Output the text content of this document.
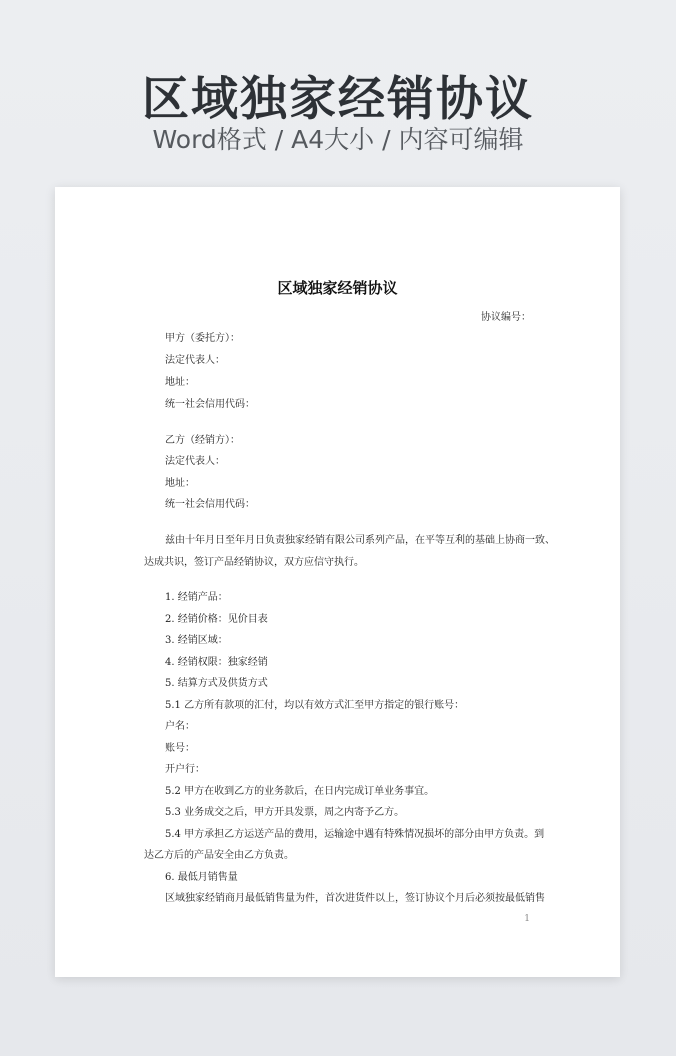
区域独家经销协议
Word格式 / A4大小 / 内容可编辑
区域独家经销协议
协议编号：
甲方（委托方）：
法定代表人：
地址：
统一社会信用代码：
乙方（经销方）：
法定代表人：
地址：
统一社会信用代码：
兹由十年月日至年月日负责独家经销有限公司系列产品，在平等互利的基础上协商一致、
达成共识，签订产品经销协议，双方应信守执行。
1. 经销产品：
2. 经销价格：见价目表
3. 经销区域：
4. 经销权限：独家经销
5. 结算方式及供货方式
5.1 乙方所有款项的汇付，均以有效方式汇至甲方指定的银行账号：
户名：
账号：
开户行：
5.2 甲方在收到乙方的业务款后，在日内完成订单业务事宜。
5.3 业务成交之后，甲方开具发票，周之内寄予乙方。
5.4 甲方承担乙方运送产品的费用，运输途中遇有特殊情况损坏的部分由甲方负责。到
达乙方后的产品安全由乙方负责。
6. 最低月销售量
区域独家经销商月最低销售量为件，首次进货件以上，签订协议个月后必须按最低销售
1
